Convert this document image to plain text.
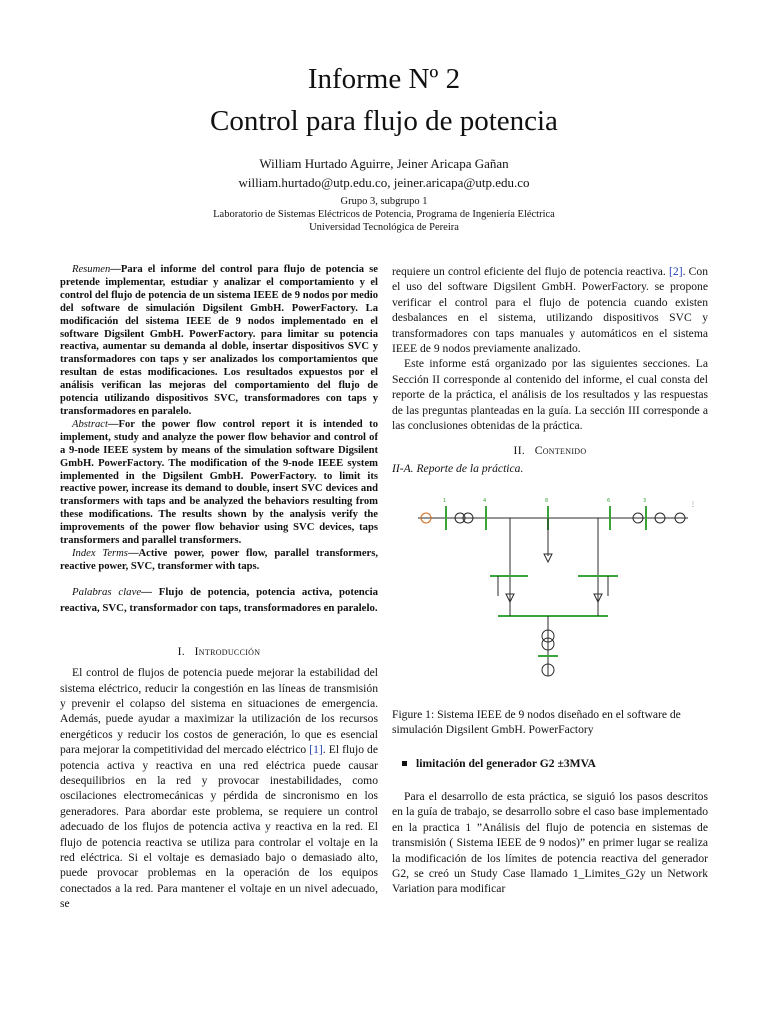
Informe Nº 2
Control para flujo de potencia
William Hurtado Aguirre, Jeiner Aricapa Gañan
william.hurtado@utp.edu.co, jeiner.aricapa@utp.edu.co
Grupo 3, subgrupo 1
Laboratorio de Sistemas Eléctricos de Potencia, Programa de Ingeniería Eléctrica
Universidad Tecnológica de Pereira

Resumen—Para el informe del control para flujo de potencia se pretende implementar, estudiar y analizar el comportamiento y el control del flujo de potencia de un sistema IEEE de 9 nodos por medio del software de simulación Digsilent GmbH. PowerFactory. La modificación del sistema IEEE de 9 nodos implementado en el software Digsilent GmbH. PowerFactory. para limitar su potencia reactiva, aumentar su demanda al doble, insertar dispositivos SVC y transformadores con taps y ser analizados los comportamientos que resultan de estas modificaciones. Los resultados expuestos por el análisis verifican las mejoras del comportamiento del flujo de potencia utilizando dispositivos SVC, transformadores con taps y transformadores en paralelo.

Abstract—For the power flow control report it is intended to implement, study and analyze the power flow behavior and control of a 9-node IEEE system by means of the simulation software Digsilent GmbH. PowerFactory. The modification of the 9-node IEEE system implemented in the Digsilent GmbH. PowerFactory. to limit its reactive power, increase its demand to double, insert SVC devices and transformers with taps and be analyzed the behaviors resulting from these modifications. The results shown by the analysis verify the improvements of the power flow behavior using SVC devices, taps transformers and parallel transformers.

Index Terms—Active power, power flow, parallel transformers, reactive power, SVC, transformer with taps.

Palabras clave— Flujo de potencia, potencia activa, potencia reactiva, SVC, transformador con taps, transformadores en paralelo.

I. Introducción

El control de flujos de potencia puede mejorar la estabilidad del sistema eléctrico, reducir la congestión en las líneas de transmisión y prevenir el colapso del sistema en situaciones de emergencia. Además, puede ayudar a maximizar la utilización de los recursos energéticos y reducir los costos de generación, lo que es esencial para mejorar la competitividad del mercado eléctrico [1]. El flujo de potencia activa y reactiva en una red eléctrica puede causar desequilibrios en la red y provocar inestabilidades, como oscilaciones electromecánicas y pérdida de sincronismo en los generadores. Para abordar este problema, se requiere un control adecuado de los flujos de potencia activa y reactiva en la red. El flujo de potencia reactiva se utiliza para controlar el voltaje en la red eléctrica. Si el voltaje es demasiado bajo o demasiado alto, puede provocar problemas en la operación de los equipos conectados a la red. Para mantener el voltaje en un nivel adecuado, se

requiere un control eficiente del flujo de potencia reactiva. [2]. Con el uso del software Digsilent GmbH. PowerFactory. se propone verificar el control para el flujo de potencia cuando existen desbalances en el sistema, utilizando dispositivos SVC y transformadores con taps manuales y automáticos en el sistema IEEE de 9 nodos previamente analizado.

Este informe está organizado por las siguientes secciones. La Sección II corresponde al contenido del informe, el cual consta del reporte de la práctica, el análisis de los resultados y las respuestas de las preguntas planteadas en la guía. La sección III corresponde a las conclusiones obtenidas de la práctica.

II. Contenido

II-A. Reporte de la práctica.

1	4	8	6	3
⋮

Figure 1: Sistema IEEE de 9 nodos diseñado en el software de simulación Digsilent GmbH. PowerFactory

limitación del generador G2 ±3MVA

Para el desarrollo de esta práctica, se siguió los pasos descritos en la guía de trabajo, se desarrollo sobre el caso base implementado en la practica 1 ”Análisis del flujo de potencia en sistemas de transmisión ( Sistema IEEE de 9 nodos)” en primer lugar se realiza la modificación de los límites de potencia reactiva del generador G2, se creó un Study Case llamado 1_Limites_G2y un Network Variation para modificar
